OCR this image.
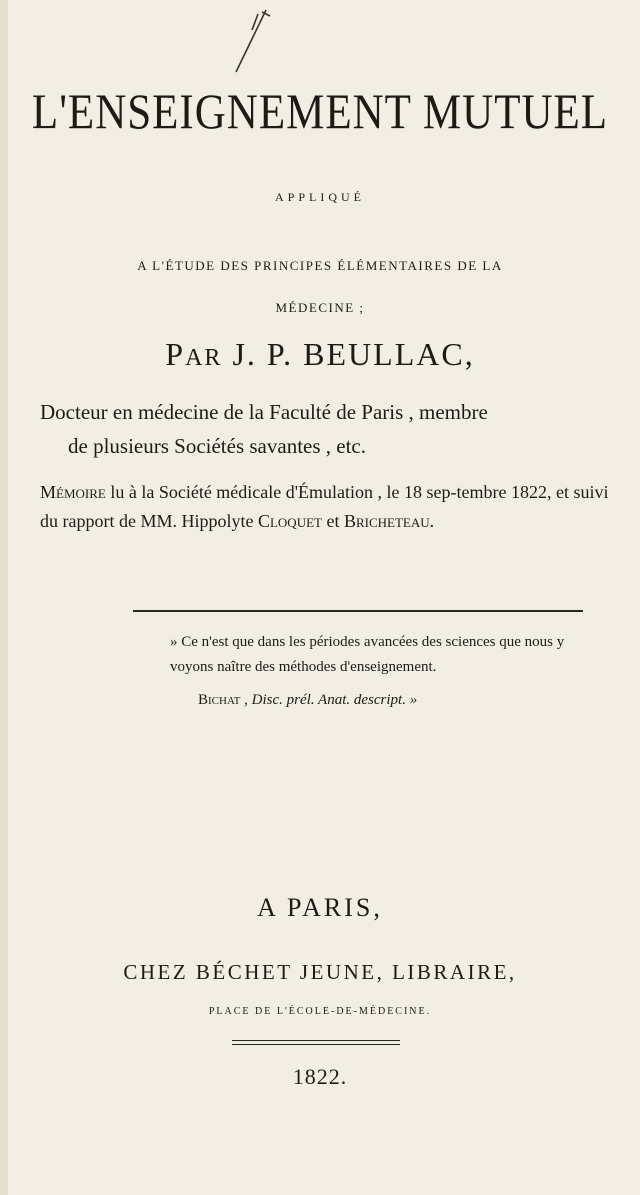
L'ENSEIGNEMENT MUTUEL
APPLIQUÉ
A L'ÉTUDE DES PRINCIPES ÉLÉMENTAIRES DE LA
MÉDECINE ;
PAR J. P. BEULLAC,
Docteur en médecine de la Faculté de Paris , membre
de plusieurs Sociétés savantes , etc.
Mémoire lu à la Société médicale d'Émulation , le 18 sep-tembre 1822, et suivi du rapport de MM. Hippolyte Cloquet et Bricheteau.
» Ce n'est que dans les périodes avancées des sciences que nous y voyons naître des méthodes d'enseignement.
Bichat , Disc. prél. Anat. descript. »
A PARIS,
CHEZ BÉCHET JEUNE, LIBRAIRE,
PLACE DE L'ÉCOLE-DE-MÉDECINE.
1822.
